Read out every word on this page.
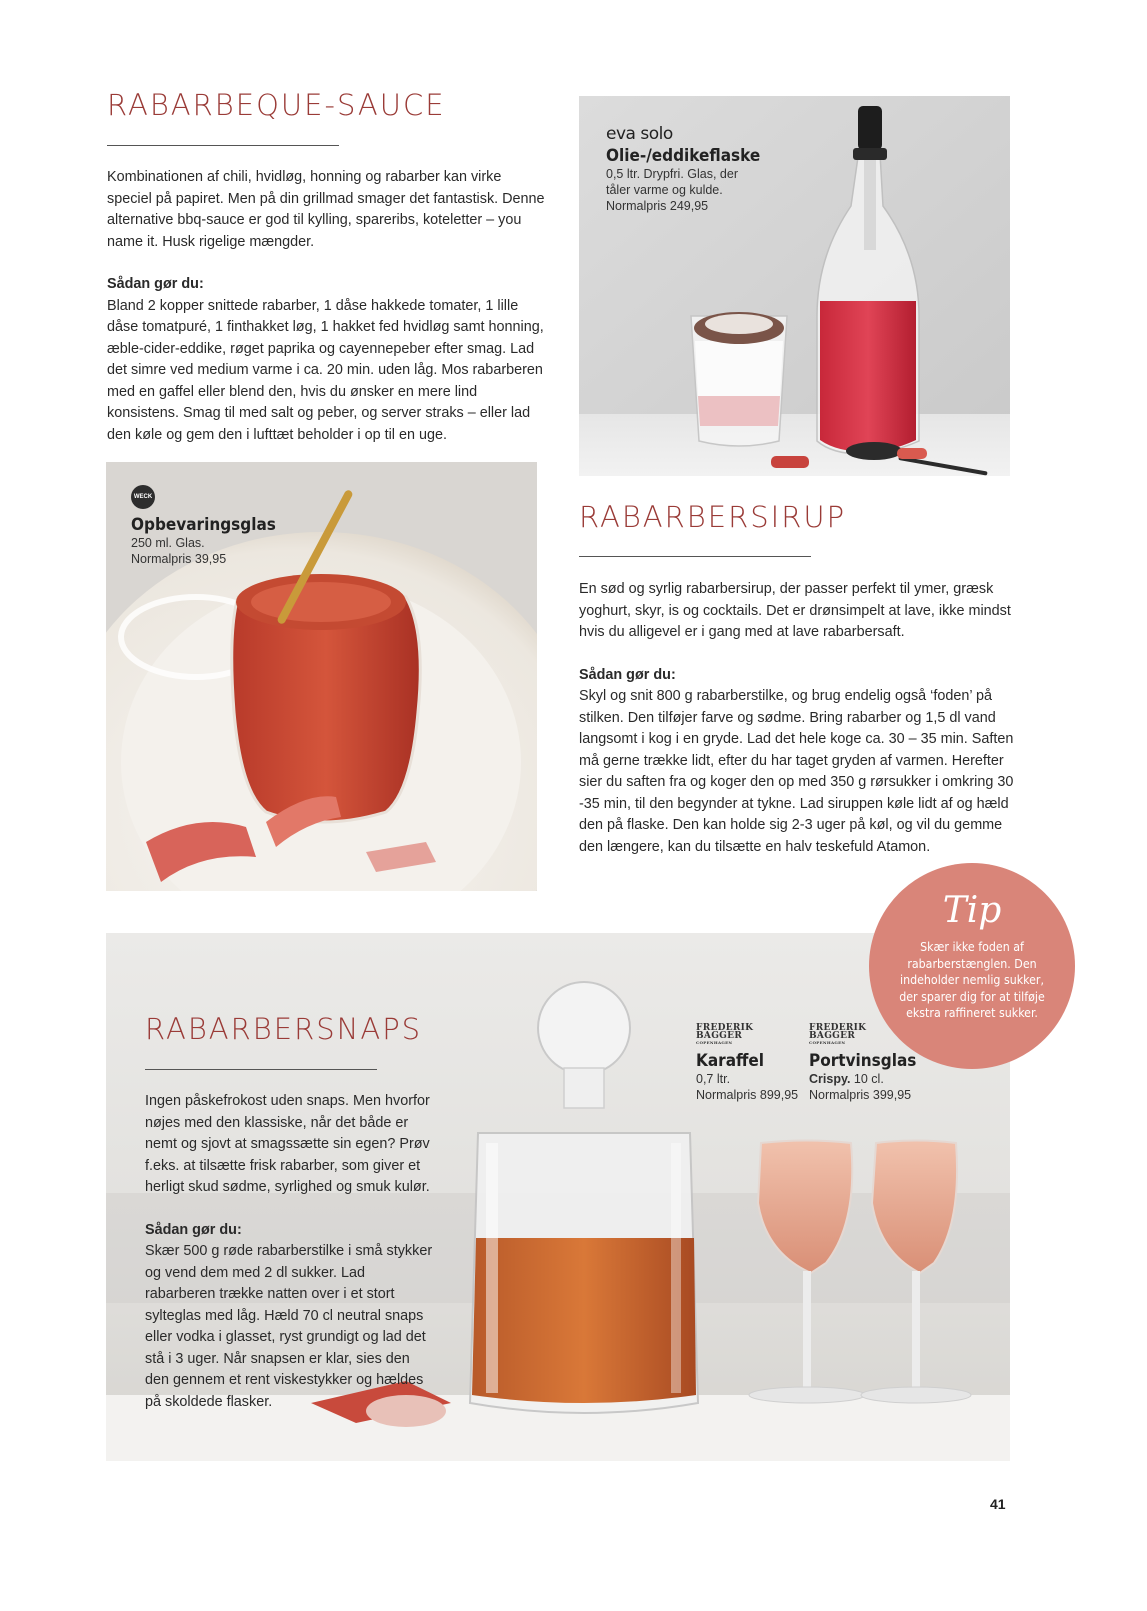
RABARBEQUE-SAUCE

Kombinationen af chili, hvidløg, honning og rabarber kan virke speciel på papiret. Men på din grillmad smager det fantastisk. Denne alternative bbq-sauce er god til kylling, spareribs, koteletter – you name it. Husk rigelige mængder.

Sådan gør du:
Bland 2 kopper snittede rabarber, 1 dåse hakkede tomater, 1 lille dåse tomatpuré, 1 finthakket løg, 1 hakket fed hvidløg samt honning, æble-cider-eddike, røget paprika og cayennepeber efter smag. Lad det simre ved medium varme i ca. 20 min. uden låg. Mos rabarberen med en gaffel eller blend den, hvis du ønsker en mere lind konsistens. Smag til med salt og peber, og server straks – eller lad den køle og gem den i lufttæt beholder i op til en uge.
eva solo

Olie-/eddikeflaske

0,5 ltr. Drypfri. Glas, der tåler varme og kulde.
Normalpris 249,95
WECK

Opbevaringsglas

250 ml. Glas.
Normalpris 39,95
RABARBERSIRUP

En sød og syrlig rabarbersirup, der passer perfekt til ymer, græsk yoghurt, skyr, is og cocktails. Det er drønsimpelt at lave, ikke mindst hvis du alligevel er i gang med at lave rabarbersaft.

Sådan gør du:
Skyl og snit 800 g rabarberstilke, og brug endelig også ‘foden’ på stilken. Den tilføjer farve og sødme. Bring rabarber og 1,5 dl vand langsomt i kog i en gryde. Lad det hele koge ca. 30 – 35 min. Saften må gerne trække lidt, efter du har taget gryden af varmen. Herefter sier du saften fra og koger den op med 350 g rørsukker i omkring 30 -35 min, til den begynder at tykne. Lad siruppen køle lidt af og hæld den på flaske. Den kan holde sig 2-3 uger på køl, og vil du gemme den længere, kan du tilsætte en halv teskefuld Atamon.
RABARBERSNAPS

Ingen påskefrokost uden snaps. Men hvorfor nøjes med den klassiske, når det både er nemt og sjovt at smagssætte sin egen? Prøv f.eks. at tilsætte frisk rabarber, som giver et herligt skud sødme, syrlighed og smuk kulør.

Sådan gør du:
Skær 500 g røde rabarberstilke i små stykker og vend dem med 2 dl sukker. Lad rabarberen trække natten over i et stort sylteglas med låg. Hæld 70 cl neutral snaps eller vodka i glasset, ryst grundigt og lad det stå i 3 uger. Når snapsen er klar, sies den den gennem et rent viskestykker og hældes på skoldede flasker.
FREDERIK
BAGGER
COPENHAGEN

Karaffel

0,7 ltr.
Normalpris 899,95
FREDERIK
BAGGER
COPENHAGEN

Portvinsglas

Crispy. 10 cl.
Normalpris 399,95
Tip
Skær ikke foden af rabarberstænglen. Den indeholder nemlig sukker, der sparer dig for at tilføje ekstra raffineret sukker.
41
